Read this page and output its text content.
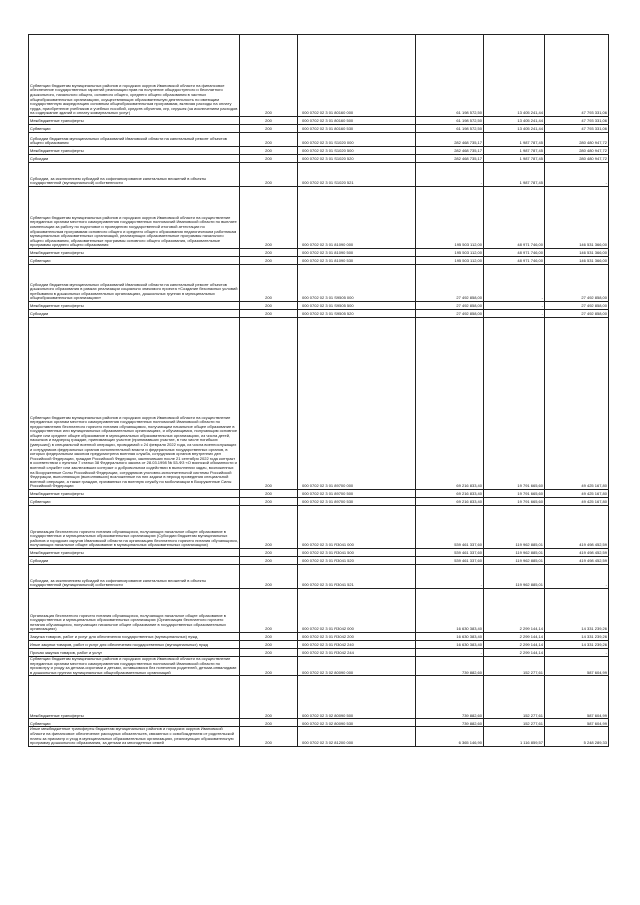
Субвенции бюджетам муниципальных районов и городских округов Ивановской области на финансовое обеспечение государственных гарантий реализации прав на получение общедоступного и бесплатного дошкольного, начального общего, основного общего, среднего общего образования в частных общеобразовательных организациях, осуществляющих образовательную деятельность по имеющим государственную аккредитацию основным общеобразовательным программам, включая расходы на оплату труда, приобретение учебников и учебных пособий, средств обучения, игр, игрушек (за исключением расходов на содержание зданий и оплату коммунальных услуг)	200	000 0702 02 3 01 80160 000	61 198 572,50	13 405 241,44	47 793 331,06
Межбюджетные трансферты	200	000 0702 02 3 01 80160 500	61 198 572,50	13 405 241,44	47 793 331,06
Субвенции	200	000 0702 02 3 01 80160 530	61 198 572,50	13 405 241,44	47 793 331,06
Субсидии бюджетам муниципальных образований Ивановской области на капитальный ремонт объектов общего образования	200	000 0702 02 3 01 S1020 000	282 468 735,17	1 987 787,45	280 480 947,72
Межбюджетные трансферты	200	000 0702 02 3 01 S1020 500	282 468 735,17	1 987 787,45	280 480 947,72
Субсидии	200	000 0702 02 3 01 S1020 520	282 468 735,17	1 987 787,45	280 480 947,72
Субсидии, за исключением субсидий на софинансирование капитальных вложений в объекты государственной (муниципальной) собственности	200	000 0702 02 3 01 S1020 521	-	1 987 787,45	-
Субвенции бюджетам муниципальных районов и городских округов Ивановской области на осуществление переданных органам местного самоуправления государственных полномочий Ивановской области по выплате компенсации за работу по подготовке и проведению государственной итоговой аттестации по образовательным программам основного общего и среднего общего образования педагогическим работникам муниципальных образовательных организаций, реализующих образовательные программы начального общего образования, образовательные программы основного общего образования, образовательные программы среднего общего образования	200	000 0702 02 3 01 81090 000	195 503 112,00	48 971 746,00	146 531 366,00
Межбюджетные трансферты	200	000 0702 02 3 01 81090 500	195 503 112,00	48 971 746,00	146 531 366,00
Субвенции	200	000 0702 02 3 01 81090 530	195 503 112,00	48 971 746,00	146 531 366,00
Субсидии бюджетам муниципальных образований Ивановской области на капитальный ремонт объектов дошкольного образования в рамках реализации социально значимого проекта «Создание безопасных условий пребывания в дошкольных образовательных организациях, дошкольных группах в муниципальных общеобразовательных организациях»	200	000 0702 02 3 01 S9505 000	27 492 858,00	-	27 492 858,00
Межбюджетные трансферты	200	000 0702 02 3 01 S9505 500	27 492 858,00	-	27 492 858,00
Субсидии	200	000 0702 02 3 01 S9505 520	27 492 858,00	-	27 492 858,00
Субвенции бюджетам муниципальных районов и городских округов Ивановской области на осуществление переданных органам местного самоуправления государственных полномочий Ивановской области по предоставлению бесплатного горячего питания обучающимся, получающим начальное общее образование в государственных или муниципальных образовательных организациях, и обучающимся, получающим основное общее или среднее общее образование в муниципальных образовательных организациях, из числа детей, пасынков и падчериц граждан, принимающих участие (принимавших участие, в том числе погибших (умерших)) в специальной военной операции, проводимой с 24 февраля 2022 года, из числа военнослужащих и сотрудников федеральных органов исполнительной власти и федеральных государственных органов, в которых федеральным законом предусмотрена военная служба, сотрудников органов внутренних дел Российской Федерации, граждан Российской Федерации, заключивших после 21 сентября 2022 года контракт в соответствии с пунктом 7 статьи 38 Федерального закона от 28.03.1998 № 53-ФЗ «О воинской обязанности и военной службе» или заключивших контракт о добровольном содействии в выполнении задач, возложенных на Вооруженные Силы Российской Федерации, сотрудников уголовно-исполнительной системы Российской Федерации, выполняющих (выполнявших) возложенные на них задачи в период проведения специальной военной операции, а также граждан, призванных на военную службу по мобилизации в Вооруженные Силы Российской Федерации	200	000 0702 02 3 01 89700 000	69 216 833,40	19 791 665,60	49 425 167,80
Межбюджетные трансферты	200	000 0702 02 3 01 89700 500	69 216 833,40	19 791 665,60	49 425 167,80
Субвенции	200	000 0702 02 3 01 89700 530	69 216 833,40	19 791 665,60	49 425 167,80
Организация бесплатного горячего питания обучающихся, получающих начальное общее образование в государственных и муниципальных образовательных организациях (Субсидии бюджетам муниципальных районов и городских округов Ивановской области на организацию бесплатного горячего питания обучающихся, получающих начальное общее образование в муниципальных образовательных организациях)	200	000 0702 02 3 01 R3041 000	539 461 337,60	119 962 885,01	419 498 452,59
Межбюджетные трансферты	200	000 0702 02 3 01 R3041 500	539 461 337,60	119 962 885,01	419 498 452,59
Субсидии	200	000 0702 02 3 01 R3041 520	539 461 337,60	119 962 885,01	419 498 452,59
Субсидии, за исключением субсидий на софинансирование капитальных вложений в объекты государственной (муниципальной) собственности	200	000 0702 02 3 01 R3041 521	-	119 962 885,01	-
Организация бесплатного горячего питания обучающихся, получающих начальное общее образование в государственных и муниципальных образовательных организациях (Организация бесплатного горячего питания обучающихся, получающих начальное общее образование в государственных образовательных организациях)	200	000 0702 02 3 01 R3042 000	16 630 383,40	2 299 144,14	14 331 239,26
Закупка товаров, работ и услуг для обеспечения государственных (муниципальных) нужд	200	000 0702 02 3 01 R3042 200	16 630 383,40	2 299 144,14	14 331 239,26
Иные закупки товаров, работ и услуг для обеспечения государственных (муниципальных) нужд	200	000 0702 02 3 01 R3042 240	16 630 383,40	2 299 144,14	14 331 239,26
Прочая закупка товаров, работ и услуг	200	000 0702 02 3 01 R3042 244	-	2 299 144,14	-
Субвенции бюджетам муниципальных районов и городских округов Ивановской области на осуществление переданных органам местного самоуправления государственных полномочий Ивановской области по присмотру и уходу за детьми-сиротами и детьми, оставшимися без попечения родителей, детьми-инвалидами в дошкольных группах муниципальных общеобразовательных организаций	200	000 0702 02 3 02 80090 000	739 882,60	152 277,61	587 604,99
Межбюджетные трансферты	200	000 0702 02 3 02 80090 500	739 882,60	152 277,61	587 604,99
Субвенции	200	000 0702 02 3 02 80090 530	739 882,60	152 277,61	587 604,99
Иные межбюджетные трансферты бюджетам муниципальных районов и городских округов Ивановской области на финансовое обеспечение расходных обязательств, связанных с освобождением от родительской платы за присмотр и уход в муниципальных образовательных организациях, реализующих образовательную программу дошкольного образования, за детьми из многодетных семей	200	000 0702 02 3 02 81200 000	6 365 146,90	1 116 859,57	5 248 289,33
